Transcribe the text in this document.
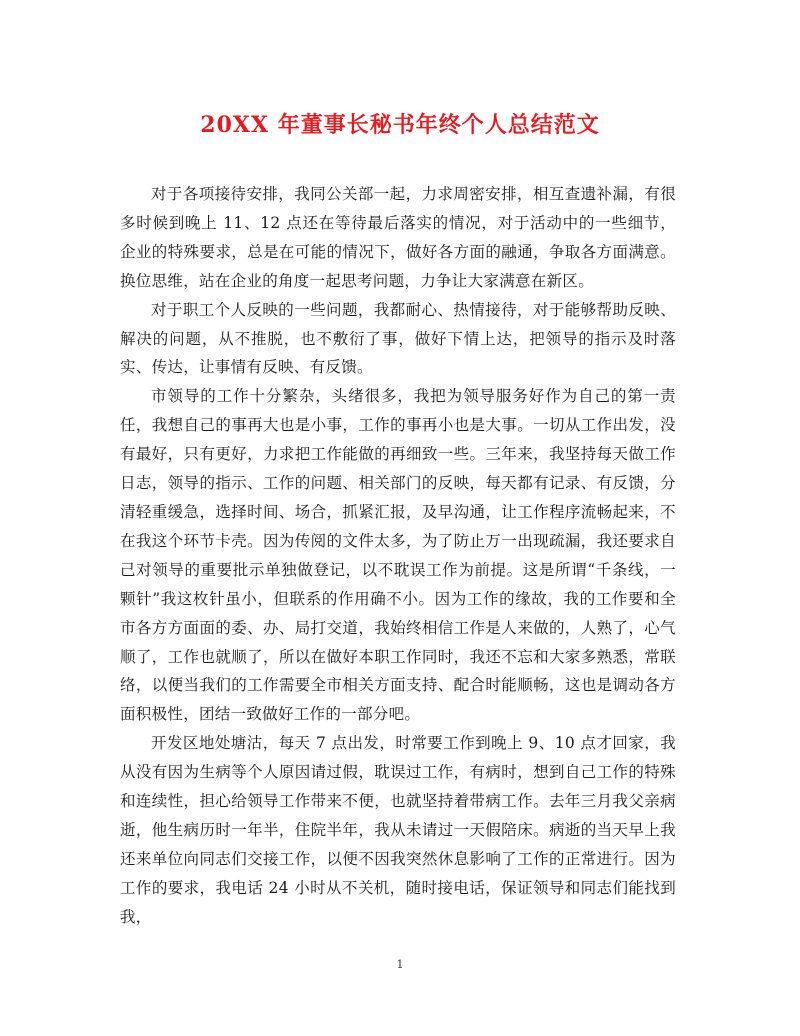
20XX 年董事长秘书年终个人总结范文

对于各项接待安排，我同公关部一起，力求周密安排，相互查遗补漏，有很多时候到晚上 11、12 点还在等待最后落实的情况，对于活动中的一些细节，企业的特殊要求，总是在可能的情况下，做好各方面的融通，争取各方面满意。换位思维，站在企业的角度一起思考问题，力争让大家满意在新区。

对于职工个人反映的一些问题，我都耐心、热情接待，对于能够帮助反映、解决的问题，从不推脱，也不敷衍了事，做好下情上达，把领导的指示及时落实、传达，让事情有反映、有反馈。

市领导的工作十分繁杂，头绪很多，我把为领导服务好作为自己的第一责任，我想自己的事再大也是小事，工作的事再小也是大事。一切从工作出发，没有最好，只有更好，力求把工作能做的再细致一些。三年来，我坚持每天做工作日志，领导的指示、工作的问题、相关部门的反映，每天都有记录、有反馈，分清轻重缓急，选择时间、场合，抓紧汇报，及早沟通，让工作程序流畅起来，不在我这个环节卡壳。因为传阅的文件太多，为了防止万一出现疏漏，我还要求自己对领导的重要批示单独做登记，以不耽误工作为前提。这是所谓“千条线，一颗针”我这枚针虽小，但联系的作用确不小。因为工作的缘故，我的工作要和全市各方方面面的委、办、局打交道，我始终相信工作是人来做的，人熟了，心气顺了，工作也就顺了，所以在做好本职工作同时，我还不忘和大家多熟悉，常联络，以便当我们的工作需要全市相关方面支持、配合时能顺畅，这也是调动各方面积极性，团结一致做好工作的一部分吧。

开发区地处塘沽，每天 7 点出发，时常要工作到晚上 9、10 点才回家，我从没有因为生病等个人原因请过假，耽误过工作，有病时，想到自己工作的特殊和连续性，担心给领导工作带来不便，也就坚持着带病工作。去年三月我父亲病逝，他生病历时一年半，住院半年，我从未请过一天假陪床。病逝的当天早上我还来单位向同志们交接工作，以便不因我突然休息影响了工作的正常进行。因为工作的要求，我电话 24 小时从不关机，随时接电话，保证领导和同志们能找到我，

1
